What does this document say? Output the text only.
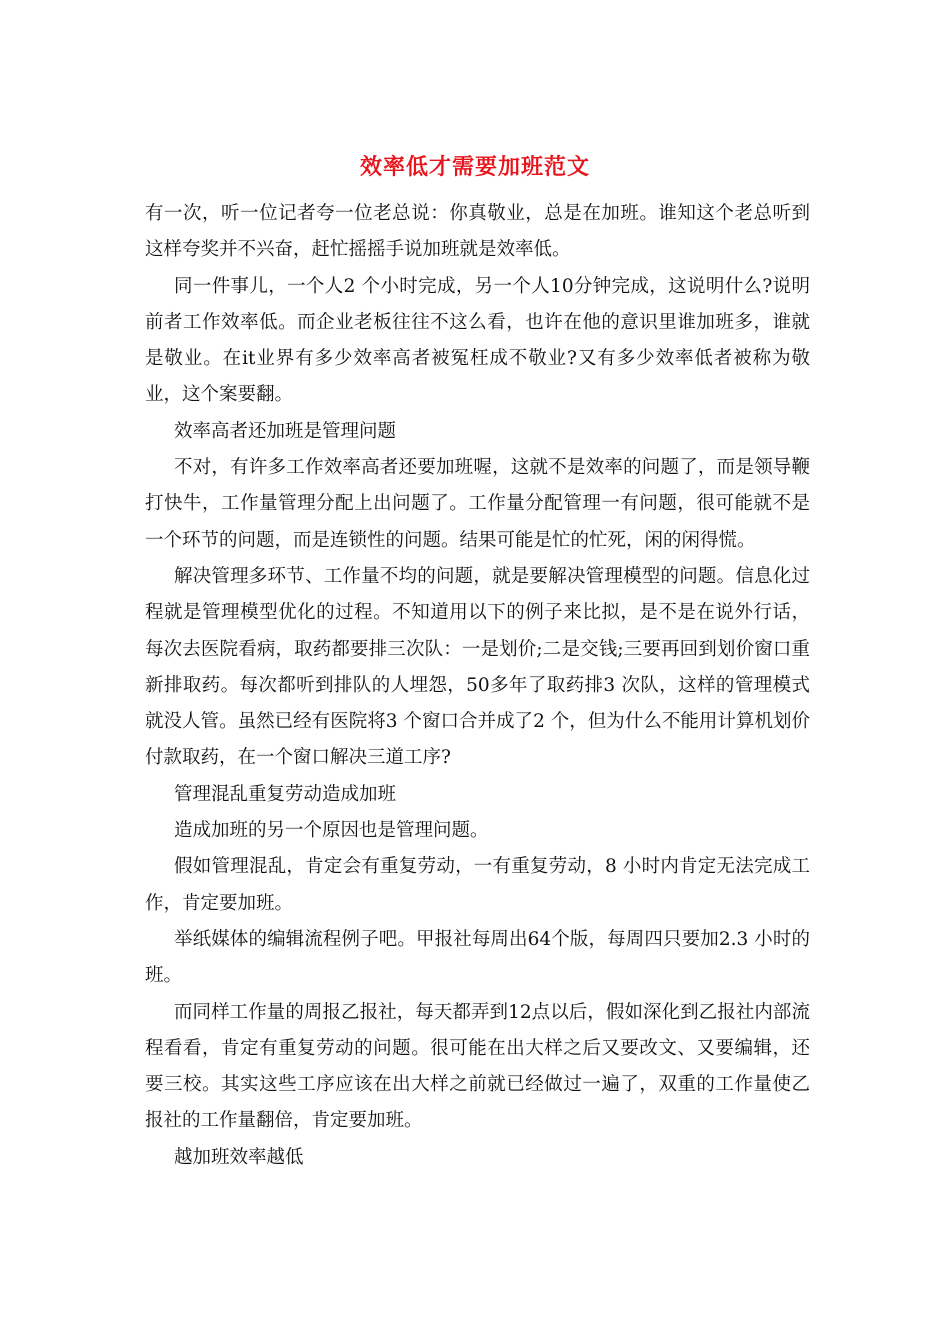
效率低才需要加班范文

有一次，听一位记者夸一位老总说：你真敬业，总是在加班。谁知这个老总听到这样夸奖并不兴奋，赶忙摇摇手说加班就是效率低。

同一件事儿，一个人2 个小时完成，另一个人10分钟完成，这说明什么?说明前者工作效率低。而企业老板往往不这么看，也许在他的意识里谁加班多，谁就是敬业。在it业界有多少效率高者被冤枉成不敬业?又有多少效率低者被称为敬业，这个案要翻。

效率高者还加班是管理问题

不对，有许多工作效率高者还要加班喔，这就不是效率的问题了，而是领导鞭打快牛，工作量管理分配上出问题了。工作量分配管理一有问题，很可能就不是一个环节的问题，而是连锁性的问题。结果可能是忙的忙死，闲的闲得慌。

解决管理多环节、工作量不均的问题，就是要解决管理模型的问题。信息化过程就是管理模型优化的过程。不知道用以下的例子来比拟，是不是在说外行话，每次去医院看病，取药都要排三次队：一是划价;二是交钱;三要再回到划价窗口重新排取药。每次都听到排队的人埋怨，50多年了取药排3 次队，这样的管理模式就没人管。虽然已经有医院将3 个窗口合并成了2 个，但为什么不能用计算机划价付款取药，在一个窗口解决三道工序?

管理混乱重复劳动造成加班

造成加班的另一个原因也是管理问题。

假如管理混乱，肯定会有重复劳动，一有重复劳动，8 小时内肯定无法完成工作，肯定要加班。

举纸媒体的编辑流程例子吧。甲报社每周出64个版，每周四只要加2.3 小时的班。

而同样工作量的周报乙报社，每天都弄到12点以后，假如深化到乙报社内部流程看看，肯定有重复劳动的问题。很可能在出大样之后又要改文、又要编辑，还要三校。其实这些工序应该在出大样之前就已经做过一遍了，双重的工作量使乙报社的工作量翻倍，肯定要加班。

越加班效率越低
